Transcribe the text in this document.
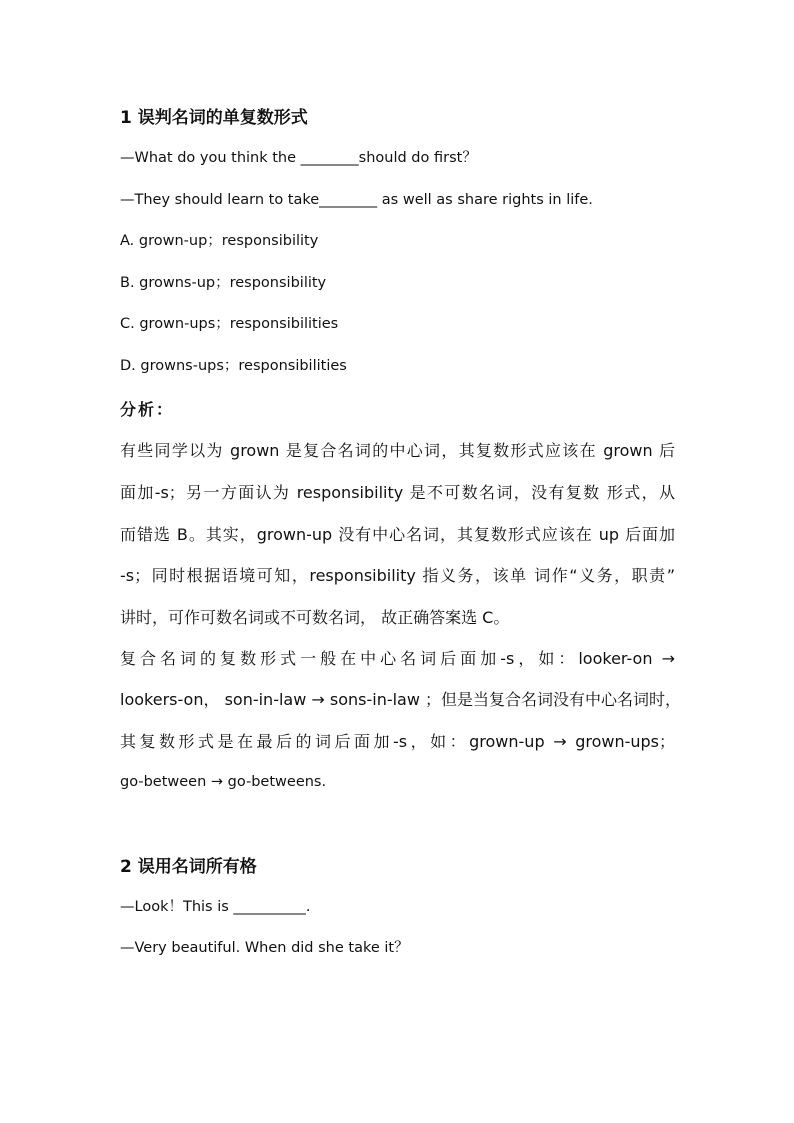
1 误判名词的单复数形式
—What do you think the ________should do first？
—They should learn to take________ as well as share rights in life.
A. grown-up；responsibility
B. growns-up；responsibility
C. grown-ups；responsibilities
D. growns-ups；responsibilities
分析：
有些同学以为 grown 是复合名词的中心词，其复数形式应该在 grown 后
面加-s；另一方面认为 responsibility 是不可数名词，没有复数 形式，从
而错选 B。其实，grown-up 没有中心名词，其复数形式应该在 up 后面加
-s；同时根据语境可知，responsibility 指义务，该单 词作“义务，职责”
讲时，可作可数名词或不可数名词， 故正确答案选 C。
复合名词的复数形式一般在中心名词后面加-s，如：looker-on →
lookers-on， son-in-law → sons-in-law ；但是当复合名词没有中心名词时，
其复数形式是在最后的词后面加-s，如：grown-up → grown-ups；
go-between → go-betweens.
2 误用名词所有格
—Look！This is __________.
—Very beautiful. When did she take it？
